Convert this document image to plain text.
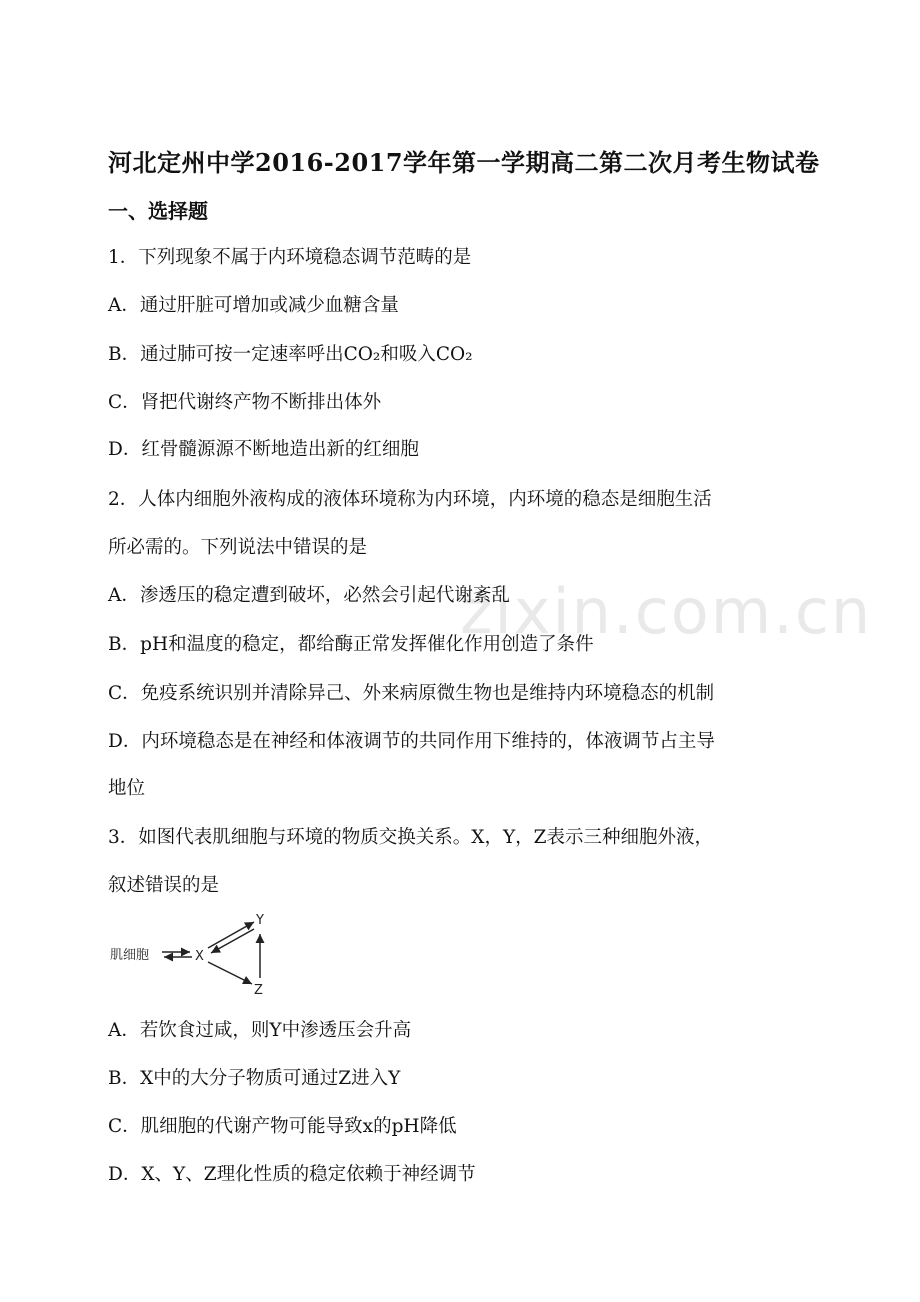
zixin.com.cn
河北定州中学2016-2017学年第一学期高二第二次月考生物试卷
一、选择题
1．下列现象不属于内环境稳态调节范畴的是
A．通过肝脏可增加或减少血糖含量
B．通过肺可按一定速率呼出CO₂和吸入CO₂
C．肾把代谢终产物不断排出体外
D．红骨髓源源不断地造出新的红细胞
2．人体内细胞外液构成的液体环境称为内环境，内环境的稳态是细胞生活
所必需的。下列说法中错误的是
A．渗透压的稳定遭到破坏，必然会引起代谢紊乱
B．pH和温度的稳定，都给酶正常发挥催化作用创造了条件
C．免疫系统识别并清除异己、外来病原微生物也是维持内环境稳态的机制
D．内环境稳态是在神经和体液调节的共同作用下维持的，体液调节占主导
地位
3．如图代表肌细胞与环境的物质交换关系。X，Y，Z表示三种细胞外液，
叙述错误的是
肌细胞	X
Y
Z
A．若饮食过咸，则Y中渗透压会升高
B．X中的大分子物质可通过Z进入Y
C．肌细胞的代谢产物可能导致x的pH降低
D．X、Y、Z理化性质的稳定依赖于神经调节
